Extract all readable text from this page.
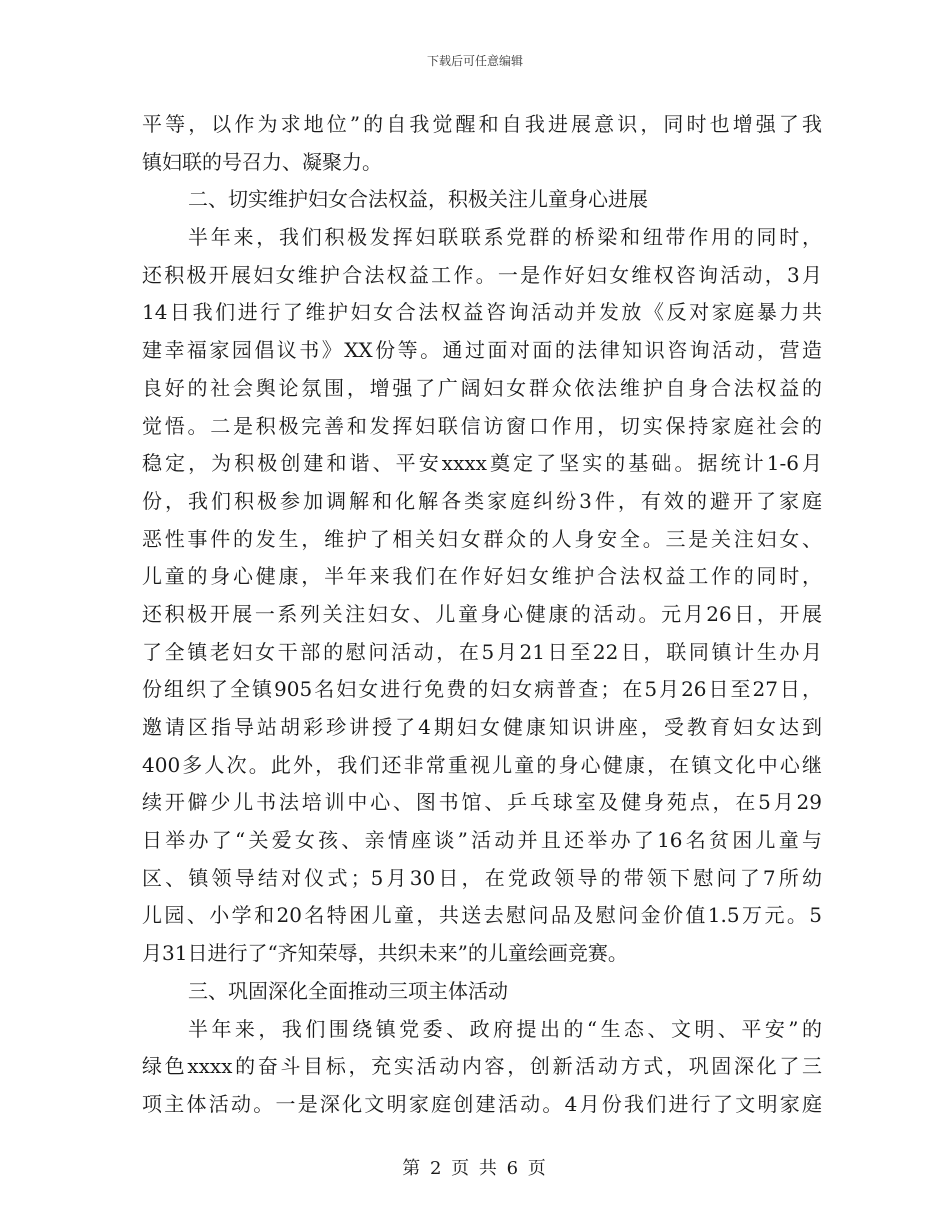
下载后可任意编辑
平等，以作为求地位”的自我觉醒和自我进展意识，同时也增强了我
镇妇联的号召力、凝聚力。
二、切实维护妇女合法权益，积极关注儿童身心进展
半年来，我们积极发挥妇联联系党群的桥梁和纽带作用的同时，
还积极开展妇女维护合法权益工作。一是作好妇女维权咨询活动，3月
14日我们进行了维护妇女合法权益咨询活动并发放《反对家庭暴力共
建幸福家园倡议书》XX份等。通过面对面的法律知识咨询活动，营造
良好的社会舆论氛围，增强了广阔妇女群众依法维护自身合法权益的
觉悟。二是积极完善和发挥妇联信访窗口作用，切实保持家庭社会的
稳定，为积极创建和谐、平安xxxx奠定了坚实的基础。据统计1-6月
份，我们积极参加调解和化解各类家庭纠纷3件，有效的避开了家庭
恶性事件的发生，维护了相关妇女群众的人身安全。三是关注妇女、
儿童的身心健康，半年来我们在作好妇女维护合法权益工作的同时，
还积极开展一系列关注妇女、儿童身心健康的活动。元月26日，开展
了全镇老妇女干部的慰问活动，在5月21日至22日，联同镇计生办月
份组织了全镇905名妇女进行免费的妇女病普查；在5月26日至27日，
邀请区指导站胡彩珍讲授了4期妇女健康知识讲座，受教育妇女达到
400多人次。此外，我们还非常重视儿童的身心健康，在镇文化中心继
续开僻少儿书法培训中心、图书馆、乒乓球室及健身苑点，在5月29
日举办了“关爱女孩、亲情座谈”活动并且还举办了16名贫困儿童与
区、镇领导结对仪式；5月30日，在党政领导的带领下慰问了7所幼
儿园、小学和20名特困儿童，共送去慰问品及慰问金价值1.5万元。5
月31日进行了“齐知荣辱，共织未来”的儿童绘画竞赛。
三、巩固深化全面推动三项主体活动
半年来，我们围绕镇党委、政府提出的“生态、文明、平安”的
绿色xxxx的奋斗目标，充实活动内容，创新活动方式，巩固深化了三
项主体活动。一是深化文明家庭创建活动。4月份我们进行了文明家庭
第 2 页 共 6 页
